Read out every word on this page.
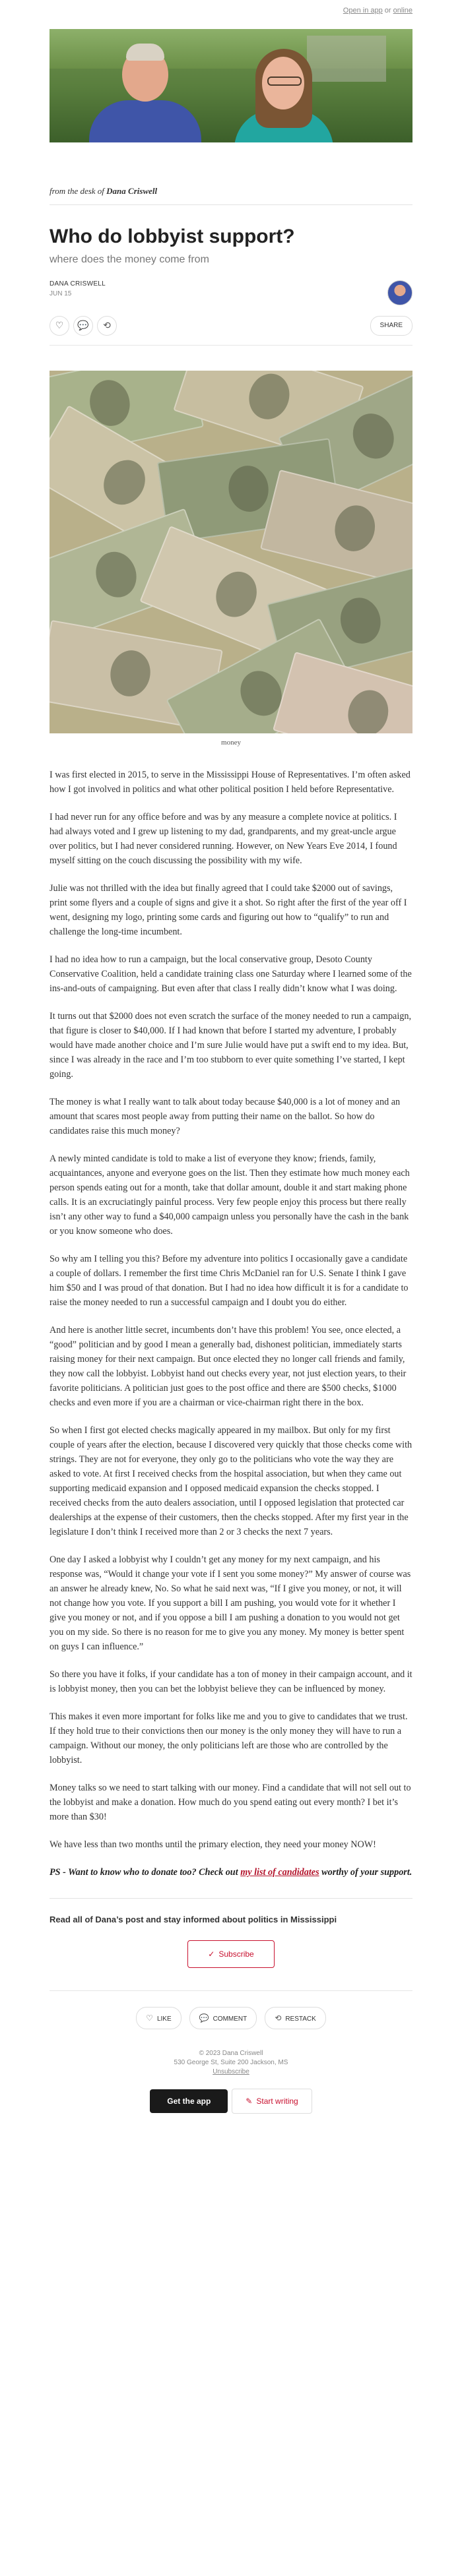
Open in app or online
from the desk of Dana Criswell
Who do lobbyist support?
where does the money come from
DANA CRISWELL
JUN 15
♡ 💬 ⟲	SHARE
money

I was first elected in 2015, to serve in the Mississippi House of Representatives. I’m often asked how I got involved in politics and what other political position I held before Representative.

I had never run for any office before and was by any measure a complete novice at politics. I had always voted and I grew up listening to my dad, grandparents, and my great-uncle argue over politics, but I had never considered running. However, on New Years Eve 2014, I found myself sitting on the couch discussing the possibility with my wife.

Julie was not thrilled with the idea but finally agreed that I could take $2000 out of savings, print some flyers and a couple of signs and give it a shot. So right after the first of the year off I went, designing my logo, printing some cards and figuring out how to “qualify” to run and challenge the long-time incumbent.

I had no idea how to run a campaign, but the local conservative group, Desoto County Conservative Coalition, held a candidate training class one Saturday where I learned some of the ins-and-outs of campaigning. But even after that class I really didn’t know what I was doing.

It turns out that $2000 does not even scratch the surface of the money needed to run a campaign, that figure is closer to $40,000. If I had known that before I started my adventure, I probably would have made another choice and I’m sure Julie would have put a swift end to my idea. But, since I was already in the race and I’m too stubborn to ever quite something I’ve started, I kept going.

The money is what I really want to talk about today because $40,000 is a lot of money and an amount that scares most people away from putting their name on the ballot. So how do candidates raise this much money?

A newly minted candidate is told to make a list of everyone they know; friends, family, acquaintances, anyone and everyone goes on the list. Then they estimate how much money each person spends eating out for a month, take that dollar amount, double it and start making phone calls. It is an excruciatingly painful process. Very few people enjoy this process but there really isn’t any other way to fund a $40,000 campaign unless you personally have the cash in the bank or you know someone who does.

So why am I telling you this? Before my adventure into politics I occasionally gave a candidate a couple of dollars. I remember the first time Chris McDaniel ran for U.S. Senate I think I gave him $50 and I was proud of that donation. But I had no idea how difficult it is for a candidate to raise the money needed to run a successful campaign and I doubt you do either.

And here is another little secret, incumbents don’t have this problem! You see, once elected, a “good” politician and by good I mean a generally bad, dishonest politician, immediately starts raising money for their next campaign. But once elected they no longer call friends and family, they now call the lobbyist. Lobbyist hand out checks every year, not just election years, to their favorite politicians. A politician just goes to the post office and there are $500 checks, $1000 checks and even more if you are a chairman or vice-chairman right there in the box.

So when I first got elected checks magically appeared in my mailbox. But only for my first couple of years after the election, because I discovered very quickly that those checks come with strings. They are not for everyone, they only go to the politicians who vote the way they are asked to vote. At first I received checks from the hospital association, but when they came out supporting medicaid expansion and I opposed medicaid expansion the checks stopped. I received checks from the auto dealers association, until I opposed legislation that protected car dealerships at the expense of their customers, then the checks stopped. After my first year in the legislature I don’t think I received more than 2 or 3 checks the next 7 years.

One day I asked a lobbyist why I couldn’t get any money for my next campaign, and his response was, “Would it change your vote if I sent you some money?” My answer of course was an answer he already knew, No. So what he said next was, “If I give you money, or not, it will not change how you vote. If you support a bill I am pushing, you would vote for it whether I give you money or not, and if you oppose a bill I am pushing a donation to you would not get you on my side. So there is no reason for me to give you any money. My money is better spent on guys I can influence.”

So there you have it folks, if your candidate has a ton of money in their campaign account, and it is lobbyist money, then you can bet the lobbyist believe they can be influenced by money.

This makes it even more important for folks like me and you to give to candidates that we trust. If they hold true to their convictions then our money is the only money they will have to run a campaign. Without our money, the only politicians left are those who are controlled by the lobbyist.

Money talks so we need to start talking with our money. Find a candidate that will not sell out to the lobbyist and make a donation. How much do you spend eating out every month? I bet it’s more than $30!

We have less than two months until the primary election, they need your money NOW!

PS - Want to know who to donate too? Check out my list of candidates worthy of your support.

Read all of Dana’s post and stay informed about politics in Mississippi
✓ Subscribe
♡ LIKE	💬 COMMENT	⟲ RESTACK
© 2023 Dana Criswell
530 George St, Suite 200 Jackson, MS
Unsubscribe
Get the app	✎ Start writing
